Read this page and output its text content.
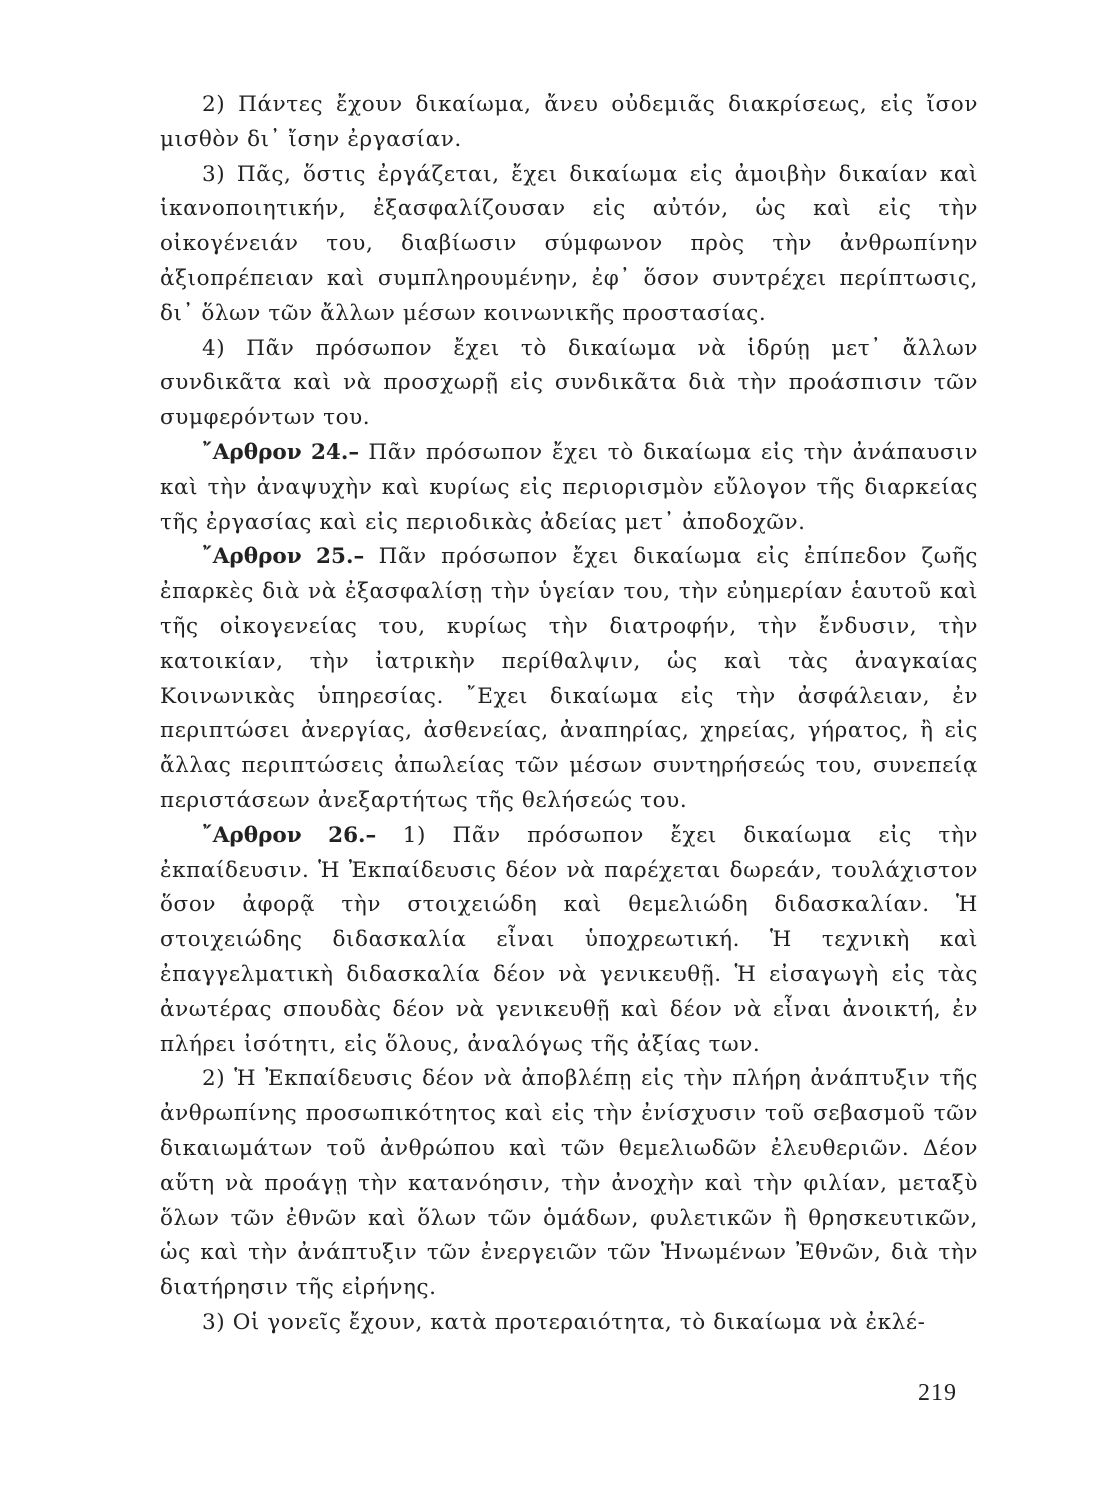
2) Πάντες ἔχουν δικαίωμα, ἄνευ οὐδεμιᾶς διακρίσεως, εἰς ἴσον μισθὸν δι᾽ ἴσην ἐργασίαν.

3) Πᾶς, ὅστις ἐργάζεται, ἔχει δικαίωμα εἰς ἀμοιβὴν δικαίαν καὶ ἱκανοποιητικήν, ἐξασφαλίζουσαν εἰς αὐτόν, ὡς καὶ εἰς τὴν οἰκογένειάν του, διαβίωσιν σύμφωνον πρὸς τὴν ἀνθρωπίνην ἀξιοπρέπειαν καὶ συμπληρουμένην, ἐφ᾽ ὅσον συντρέχει περίπτωσις, δι᾽ ὅλων τῶν ἄλλων μέσων κοινωνικῆς προστασίας.

4) Πᾶν πρόσωπον ἔχει τὸ δικαίωμα νὰ ἱδρύῃ μετ᾽ ἄλλων συνδικᾶτα καὶ νὰ προσχωρῇ εἰς συνδικᾶτα διὰ τὴν προάσπισιν τῶν συμφερόντων του.

῎Αρθρον 24.– Πᾶν πρόσωπον ἔχει τὸ δικαίωμα εἰς τὴν ἀνάπαυσιν καὶ τὴν ἀναψυχὴν καὶ κυρίως εἰς περιορισμὸν εὔλογον τῆς διαρκείας τῆς ἐργασίας καὶ εἰς περιοδικὰς ἀδείας μετ᾽ ἀποδοχῶν.

῎Αρθρον 25.– Πᾶν πρόσωπον ἔχει δικαίωμα εἰς ἐπίπεδον ζωῆς ἐπαρκὲς διὰ νὰ ἐξασφαλίσῃ τὴν ὑγείαν του, τὴν εὐημερίαν ἑαυτοῦ καὶ τῆς οἰκογενείας του, κυρίως τὴν διατροφήν, τὴν ἔνδυσιν, τὴν κατοικίαν, τὴν ἰατρικὴν περίθαλψιν, ὡς καὶ τὰς ἀναγκαίας Κοινωνικὰς ὑπηρεσίας. ῎Εχει δικαίωμα εἰς τὴν ἀσφάλειαν, ἐν περιπτώσει ἀνεργίας, ἀσθενείας, ἀναπηρίας, χηρείας, γήρατος, ἢ εἰς ἄλλας περιπτώσεις ἀπωλείας τῶν μέσων συντηρήσεώς του, συνεπείᾳ περιστάσεων ἀνεξαρτήτως τῆς θελήσεώς του.

῎Αρθρον 26.– 1) Πᾶν πρόσωπον ἔχει δικαίωμα εἰς τὴν ἐκπαίδευσιν. Ἡ Ἐκπαίδευσις δέον νὰ παρέχεται δωρεάν, τουλάχιστον ὅσον ἀφορᾷ τὴν στοιχειώδη καὶ θεμελιώδη διδασκαλίαν. Ἡ στοιχειώδης διδασκαλία εἶναι ὑποχρεωτική. Ἡ τεχνικὴ καὶ ἐπαγγελματικὴ διδασκαλία δέον νὰ γενικευθῇ. Ἡ εἰσαγωγὴ εἰς τὰς ἀνωτέρας σπουδὰς δέον νὰ γενικευθῇ καὶ δέον νὰ εἶναι ἀνοικτή, ἐν πλήρει ἰσότητι, εἰς ὅλους, ἀναλόγως τῆς ἀξίας των.

2) Ἡ Ἐκπαίδευσις δέον νὰ ἀποβλέπῃ εἰς τὴν πλήρη ἀνάπτυξιν τῆς ἀνθρωπίνης προσωπικότητος καὶ εἰς τὴν ἐνίσχυσιν τοῦ σεβασμοῦ τῶν δικαιωμάτων τοῦ ἀνθρώπου καὶ τῶν θεμελιωδῶν ἐλευθεριῶν. Δέον αὕτη νὰ προάγῃ τὴν κατανόησιν, τὴν ἀνοχὴν καὶ τὴν φιλίαν, μεταξὺ ὅλων τῶν ἐθνῶν καὶ ὅλων τῶν ὁμάδων, φυλετικῶν ἢ θρησκευτικῶν, ὡς καὶ τὴν ἀνάπτυξιν τῶν ἐνεργειῶν τῶν Ἡνωμένων Ἐθνῶν, διὰ τὴν διατήρησιν τῆς εἰρήνης.

3) Οἱ γονεῖς ἔχουν, κατὰ προτεραιότητα, τὸ δικαίωμα νὰ ἐκλέ-

219
